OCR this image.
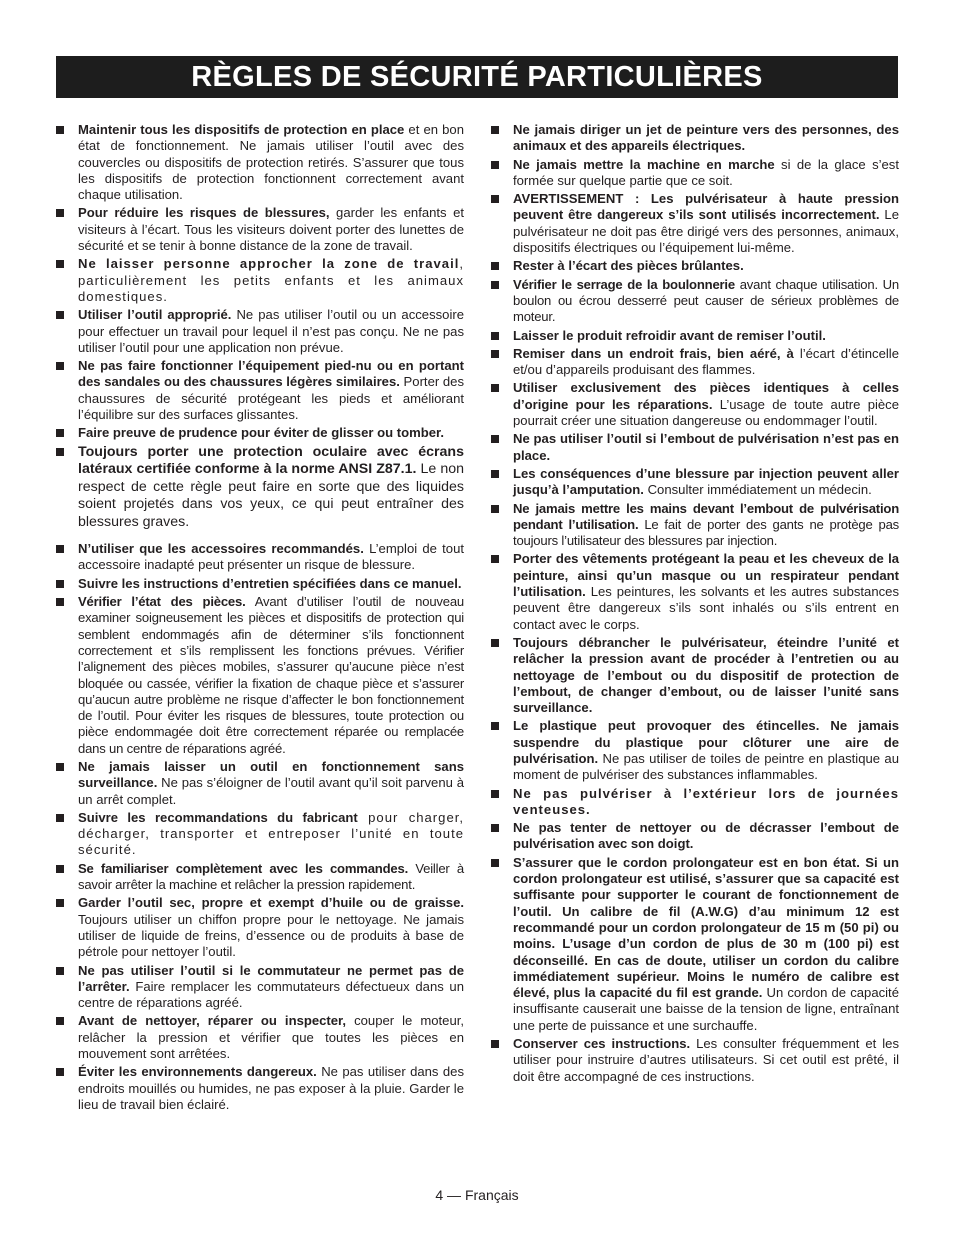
RÈGLES DE SÉCURITÉ PARTICULIÈRES
Maintenir tous les dispositifs de protection en place et en bon état de fonctionnement. Ne jamais utiliser l’outil avec des couvercles ou dispositifs de protection retirés. S’assurer que tous les dispositifs de protection fonctionnent correctement avant chaque utilisation.
Pour réduire les risques de blessures, garder les enfants et visiteurs à l’écart. Tous les visiteurs doivent porter des lunettes de sécurité et se tenir à bonne distance de la zone de travail.
Ne laisser personne approcher la zone de travail, particulièrement les petits enfants et les animaux domestiques.
Utiliser l’outil approprié. Ne pas utiliser l’outil ou un accessoire pour effectuer un travail pour lequel il n’est pas conçu. Ne ne pas utiliser l’outil pour une application non prévue.
Ne pas faire fonctionner l’équipement pied-nu ou en portant des sandales ou des chaussures légères similaires. Porter des chaussures de sécurité protégeant les pieds et améliorant l’équilibre sur des surfaces glissantes.
Faire preuve de prudence pour éviter de glisser ou tomber.
Toujours porter une protection oculaire avec écrans latéraux certifiée conforme à la norme ANSI Z87.1. Le non respect de cette règle peut faire en sorte que des liquides soient projetés dans vos yeux, ce qui peut entraîner des blessures graves.
N’utiliser que les accessoires recommandés. L’emploi de tout accessoire inadapté peut présenter un risque de blessure.
Suivre les instructions d’entretien spécifiées dans ce manuel.
Vérifier l’état des pièces. Avant d’utiliser l’outil de nouveau examiner soigneusement les pièces et dispositifs de protection qui semblent endommagés afin de déterminer s’ils fonctionnent correctement et s’ils remplissent les fonctions prévues. Vérifier l’alignement des pièces mobiles, s’assurer qu’aucune pièce n’est bloquée ou cassée, vérifier la fixation de chaque pièce et s’assurer qu’aucun autre problème ne risque d’affecter le bon fonctionnement de l’outil. Pour éviter les risques de blessures, toute protection ou pièce endommagée doit être correctement réparée ou remplacée dans un centre de réparations agréé.
Ne jamais laisser un outil en fonctionnement sans surveillance. Ne pas s’éloigner de l’outil avant qu’il soit parvenu à un arrêt complet.
Suivre les recommandations du fabricant pour charger, décharger, transporter et entreposer l’unité en toute sécurité.
Se familiariser complètement avec les commandes. Veiller à savoir arrêter la machine et relâcher la pression rapidement.
Garder l’outil sec, propre et exempt d’huile ou de graisse. Toujours utiliser un chiffon propre pour le nettoyage. Ne jamais utiliser de liquide de freins, d’essence ou de produits à base de pétrole pour nettoyer l’outil.
Ne pas utiliser l’outil si le commutateur ne permet pas de l’arrêter. Faire remplacer les commutateurs défectueux dans un centre de réparations agréé.
Avant de nettoyer, réparer ou inspecter, couper le moteur, relâcher la pression et vérifier que toutes les pièces en mouvement sont arrêtées.
Éviter les environnements dangereux. Ne pas utiliser dans des endroits mouillés ou humides, ne pas exposer à la pluie. Garder le lieu de travail bien éclairé.
Ne jamais diriger un jet de peinture vers des personnes, des animaux et des appareils électriques.
Ne jamais mettre la machine en marche si de la glace s’est formée sur quelque partie que ce soit.
AVERTISSEMENT : Les pulvérisateur à haute pression peuvent être dangereux s’ils sont utilisés incorrectement. Le pulvérisateur ne doit pas être dirigé vers des personnes, animaux, dispositifs électriques ou l’équipement lui-même.
Rester à l’écart des pièces brûlantes.
Vérifier le serrage de la boulonnerie avant chaque utilisation. Un boulon ou écrou desserré peut causer de sérieux problèmes de moteur.
Laisser le produit refroidir avant de remiser l’outil.
Remiser dans un endroit frais, bien aéré, à l’écart d’étincelle et/ou d’appareils produisant des flammes.
Utiliser exclusivement des pièces identiques à celles d’origine pour les réparations. L’usage de toute autre pièce pourrait créer une situation dangereuse ou endommager l’outil.
Ne pas utiliser l’outil si l’embout de pulvérisation n’est pas en place.
Les conséquences d’une blessure par injection peuvent aller jusqu’à l’amputation. Consulter immédiatement un médecin.
Ne jamais mettre les mains devant l’embout de pulvérisation pendant l’utilisation. Le fait de porter des gants ne protège pas toujours l’utilisateur des blessures par injection.
Porter des vêtements protégeant la peau et les cheveux de la peinture, ainsi qu’un masque ou un respirateur pendant l’utilisation. Les peintures, les solvants et les autres substances peuvent être dangereux s’ils sont inhalés ou s’ils entrent en contact avec le corps.
Toujours débrancher le pulvérisateur, éteindre l’unité et relâcher la pression avant de procéder à l’entretien ou au nettoyage de l’embout ou du dispositif de protection de l’embout, de changer d’embout, ou de laisser l’unité sans surveillance.
Le plastique peut provoquer des étincelles. Ne jamais suspendre du plastique pour clôturer une aire de pulvérisation. Ne pas utiliser de toiles de peintre en plastique au moment de pulvériser des substances inflammables.
Ne pas pulvériser à l’extérieur lors de journées venteuses.
Ne pas tenter de nettoyer ou de décrasser l’embout de pulvérisation avec son doigt.
S’assurer que le cordon prolongateur est en bon état. Si un cordon prolongateur est utilisé, s’assurer que sa capacité est suffisante pour supporter le courant de fonctionnement de l’outil. Un calibre de fil (A.W.G) d’au minimum 12 est recommandé pour un cordon prolongateur de 15 m (50 pi) ou moins. L’usage d’un cordon de plus de 30 m (100 pi) est déconseillé. En cas de doute, utiliser un cordon du calibre immédiatement supérieur. Moins le numéro de calibre est élevé, plus la capacité du fil est grande. Un cordon de capacité insuffisante causerait une baisse de la tension de ligne, entraînant une perte de puissance et une surchauffe.
Conserver ces instructions. Les consulter fréquemment et les utiliser pour instruire d’autres utilisateurs. Si cet outil est prêté, il doit être accompagné de ces instructions.
4 — Français
